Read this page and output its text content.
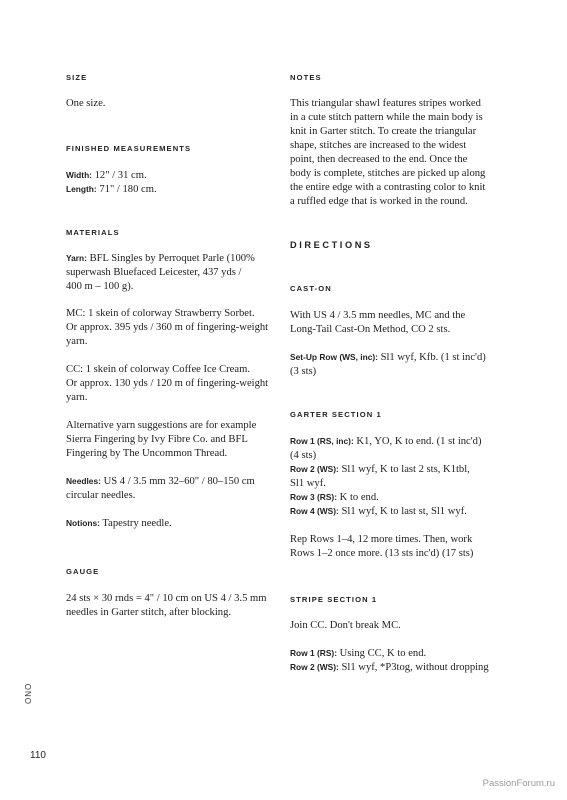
SIZE
One size.
FINISHED MEASUREMENTS
Width: 12" / 31 cm.
Length: 71" / 180 cm.
MATERIALS
Yarn: BFL Singles by Perroquet Parle (100%
superwash Bluefaced Leicester, 437 yds /
400 m – 100 g).
MC: 1 skein of colorway Strawberry Sorbet.
Or approx. 395 yds / 360 m of fingering-weight
yarn.
CC: 1 skein of colorway Coffee Ice Cream.
Or approx. 130 yds / 120 m of fingering-weight
yarn.
Alternative yarn suggestions are for example
Sierra Fingering by Ivy Fibre Co. and BFL
Fingering by The Uncommon Thread.
Needles: US 4 / 3.5 mm 32–60" / 80–150 cm
circular needles.
Notions: Tapestry needle.
GAUGE
24 sts × 30 rnds = 4" / 10 cm on US 4 / 3.5 mm
needles in Garter stitch, after blocking.
NOTES
This triangular shawl features stripes worked
in a cute stitch pattern while the main body is
knit in Garter stitch. To create the triangular
shape, stitches are increased to the widest
point, then decreased to the end. Once the
body is complete, stitches are picked up along
the entire edge with a contrasting color to knit
a ruffled edge that is worked in the round.
DIRECTIONS
CAST-ON
With US 4 / 3.5 mm needles, MC and the
Long-Tail Cast-On Method, CO 2 sts.
Set-Up Row (WS, inc): Sl1 wyf, Kfb. (1 st inc'd)
(3 sts)
GARTER SECTION 1
Row 1 (RS, inc): K1, YO, K to end. (1 st inc'd)
(4 sts)
Row 2 (WS): Sl1 wyf, K to last 2 sts, K1tbl,
Sl1 wyf.
Row 3 (RS): K to end.
Row 4 (WS): Sl1 wyf, K to last st, Sl1 wyf.
Rep Rows 1–4, 12 more times. Then, work
Rows 1–2 once more. (13 sts inc'd) (17 sts)
STRIPE SECTION 1
Join CC. Don't break MC.
Row 1 (RS): Using CC, K to end.
Row 2 (WS): Sl1 wyf, *P3tog, without dropping
ONO
110
PassionForum.ru
